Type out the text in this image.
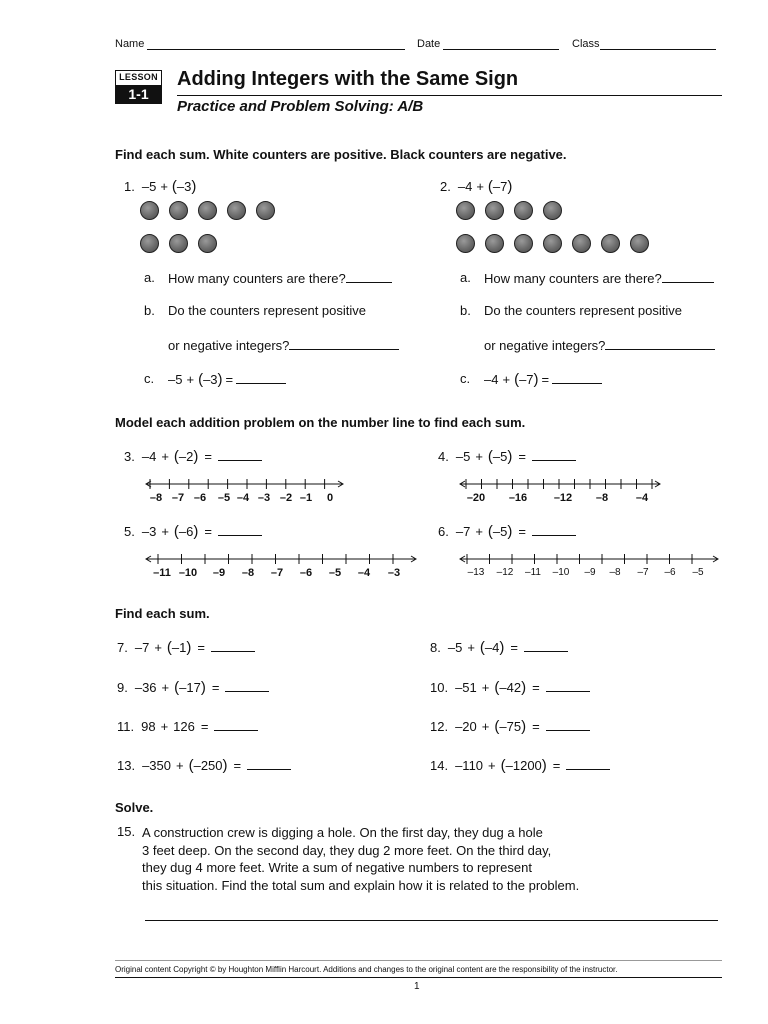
Name	Date	Class
LESSON
1-1
Adding Integers with the Same Sign
Practice and Problem Solving: A/B
Find each sum. White counters are positive. Black counters are negative.
1. –5 + (–3)
a. How many counters are there?
b. Do the counters represent positive
or negative integers?
c. –5 + (–3) =
2. –4 + (–7)
a. How many counters are there?
b. Do the counters represent positive
or negative integers?
c. –4 + (–7) =
Model each addition problem on the number line to find each sum.
3. –4 + (–2) =
–8 –7 –6	–5 –4 –3 –2 –1	0
4. –5 + (–5) =
–20 –16 –12	–8	–4
5. –3 + (–6) =
–11 –10	–9	–8	–7	–6	–5	–4	–3
6. –7 + (–5) =
–13 –12 –11 –10	–9	–8	–7	–6	–5
Find each sum.
7. –7 + (–1) =	8. –5 + (–4) =
9. –36 + (–17) =	10. –51 + (–42) =
11. 98 + 126 =	12. –20 + (–75) =
13. –350 + (–250) =	14. –110 + (–1200) =
Solve.
15. A construction crew is digging a hole. On the first day, they dug a hole
3 feet deep. On the second day, they dug 2 more feet. On the third day,
they dug 4 more feet. Write a sum of negative numbers to represent
this situation. Find the total sum and explain how it is related to the problem.
Original content Copyright © by Houghton Mifflin Harcourt. Additions and changes to the original content are the responsibility of the instructor.
1
